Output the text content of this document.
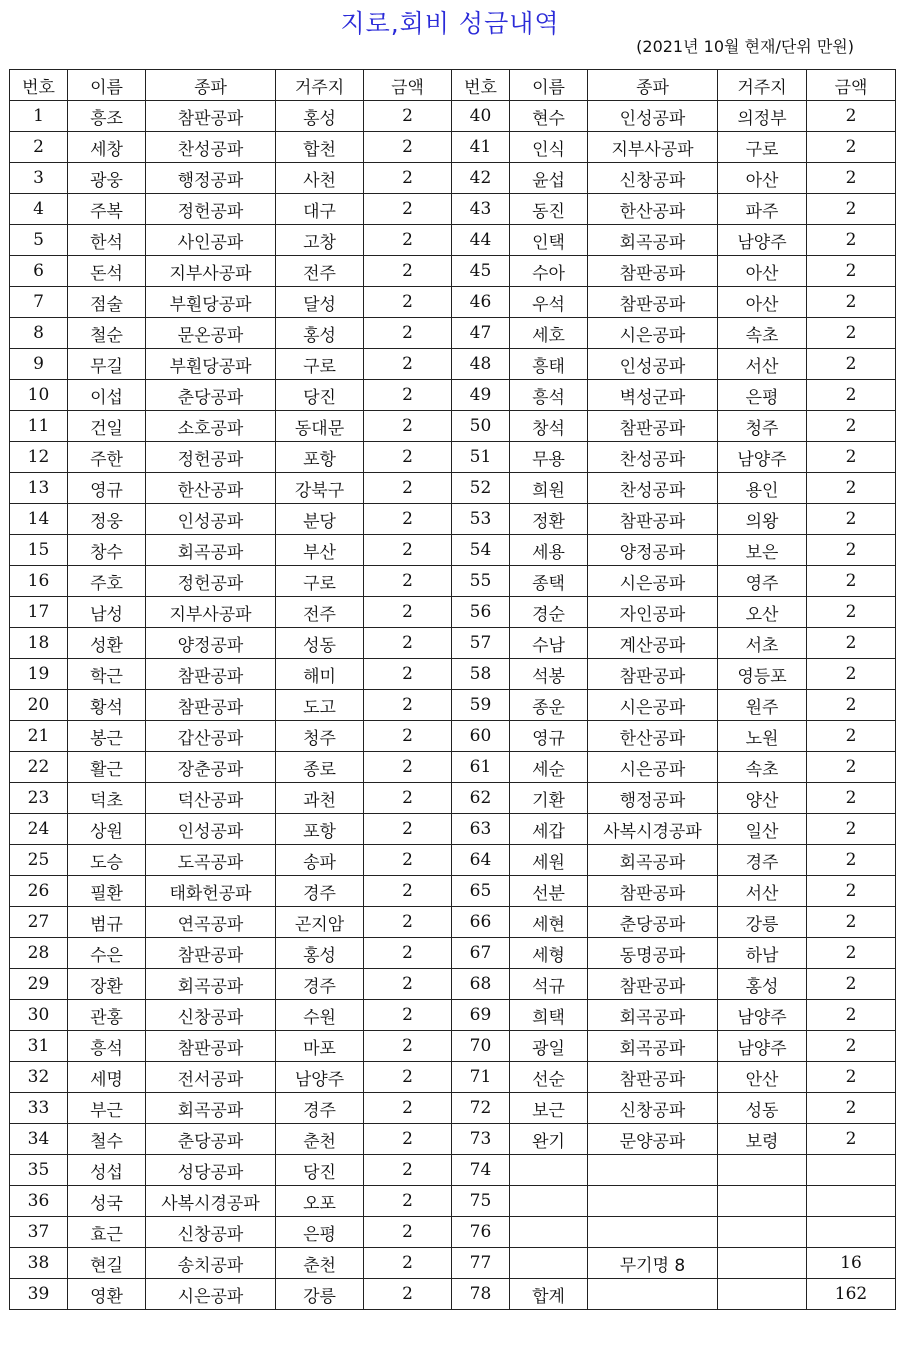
지로,회비 성금내역
(2021년 10월 현재/단위 만원)
번호	이름	종파	거주지	금액	번호	이름	종파	거주지	금액
1	흥조	참판공파	홍성	2	40	현수	인성공파	의정부	2
2	세창	찬성공파	합천	2	41	인식	지부사공파	구로	2
3	광웅	행정공파	사천	2	42	윤섭	신창공파	아산	2
4	주복	정헌공파	대구	2	43	동진	한산공파	파주	2
5	한석	사인공파	고창	2	44	인택	회곡공파	남양주	2
6	돈석	지부사공파	전주	2	45	수아	참판공파	아산	2
7	점술	부훤당공파	달성	2	46	우석	참판공파	아산	2
8	철순	문온공파	홍성	2	47	세호	시은공파	속초	2
9	무길	부훤당공파	구로	2	48	흥태	인성공파	서산	2
10	이섭	춘당공파	당진	2	49	흥석	벽성군파	은평	2
11	건일	소호공파	동대문	2	50	창석	참판공파	청주	2
12	주한	정헌공파	포항	2	51	무용	찬성공파	남양주	2
13	영규	한산공파	강북구	2	52	희원	찬성공파	용인	2
14	정웅	인성공파	분당	2	53	정환	참판공파	의왕	2
15	창수	회곡공파	부산	2	54	세용	양정공파	보은	2
16	주호	정헌공파	구로	2	55	종택	시은공파	영주	2
17	남성	지부사공파	전주	2	56	경순	자인공파	오산	2
18	성환	양정공파	성동	2	57	수남	계산공파	서초	2
19	학근	참판공파	해미	2	58	석봉	참판공파	영등포	2
20	황석	참판공파	도고	2	59	종운	시은공파	원주	2
21	봉근	갑산공파	청주	2	60	영규	한산공파	노원	2
22	활근	장춘공파	종로	2	61	세순	시은공파	속초	2
23	덕초	덕산공파	과천	2	62	기환	행정공파	양산	2
24	상원	인성공파	포항	2	63	세갑	사복시경공파	일산	2
25	도승	도곡공파	송파	2	64	세원	회곡공파	경주	2
26	필환	태화헌공파	경주	2	65	선분	참판공파	서산	2
27	범규	연곡공파	곤지암	2	66	세현	춘당공파	강릉	2
28	수은	참판공파	홍성	2	67	세형	동명공파	하남	2
29	장환	회곡공파	경주	2	68	석규	참판공파	홍성	2
30	관홍	신창공파	수원	2	69	희택	회곡공파	남양주	2
31	흥석	참판공파	마포	2	70	광일	회곡공파	남양주	2
32	세명	전서공파	남양주	2	71	선순	참판공파	안산	2
33	부근	회곡공파	경주	2	72	보근	신창공파	성동	2
34	철수	춘당공파	춘천	2	73	완기	문양공파	보령	2
35	성섭	성당공파	당진	2	74				
36	성국	사복시경공파	오포	2	75				
37	효근	신창공파	은평	2	76				
38	현길	송치공파	춘천	2	77		무기명 8		16
39	영환	시은공파	강릉	2	78	합계			162
